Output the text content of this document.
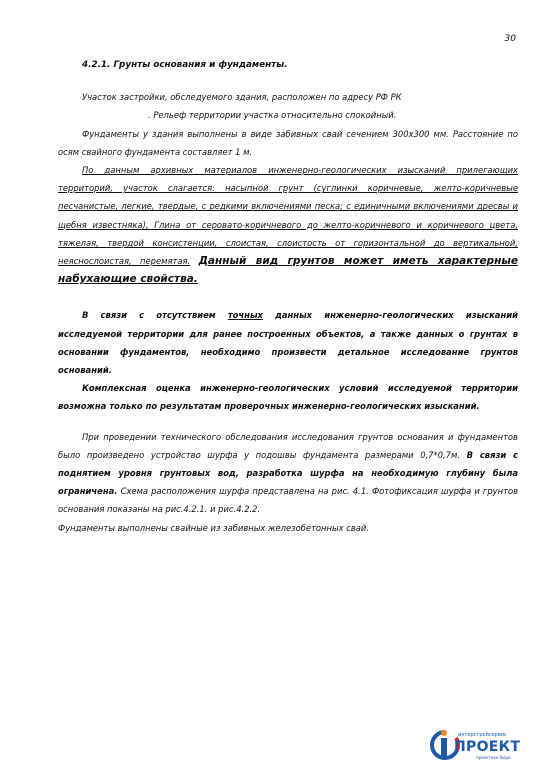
30
4.2.1. Грунты основания и фундаменты.

Участок застройки, обследуемого здания, расположен по адресу РФ РК

. Рельеф территории участка относительно спокойный.

Фундаменты у здания выполнены в виде забивных свай сечением 300х300 мм. Расстояние по осям свайного фундамента составляет 1 м.

По данным архивных материалов инженерно-геологических изысканий прилегающих территорий, участок слагается: насыпной грунт (суглинки коричневые, желто-коричневые песчанистые, легкие, твердые, с редкими включениями песка; с единичными включениями дресвы и щебня известняка), Глина от серовато-коричневого до желто-коричневого и коричневого цвета, тяжелая, твердой консистенции, слоистая, слоистость от горизонтальной до вертикальной, неяснослоистая, перемятая. Данный вид грунтов может иметь характерные набухающие свойства.

В связи с отсутствием точных данных инженерно-геологических изысканий исследуемой территории для ранее построенных объектов, а также данных о грунтах в основании фундаментов, необходимо произвести детальное исследование грунтов оснований.

Комплексная оценка инженерно-геологических условий исследуемой территории возможна только по результатам проверочных инженерно-геологических изысканий.

При проведении технического обследования исследования грунтов основания и фундаментов было произведено устройство шурфа у подошвы фундамента размерами 0,7*0,7м. В связи с поднятием уровня грунтовых вод, разработка шурфа на необходимую глубину была ограничена. Схема расположения шурфа представлена на рис. 4.1. Фотофиксация шурфа и грунтов основания показаны на рис.4.2.1. и рис.4.2.2.

Фундаменты выполнены свайные из забивных железобетонных свай.

интерстройсервис
ПРОЕКТ
проектное бюро
